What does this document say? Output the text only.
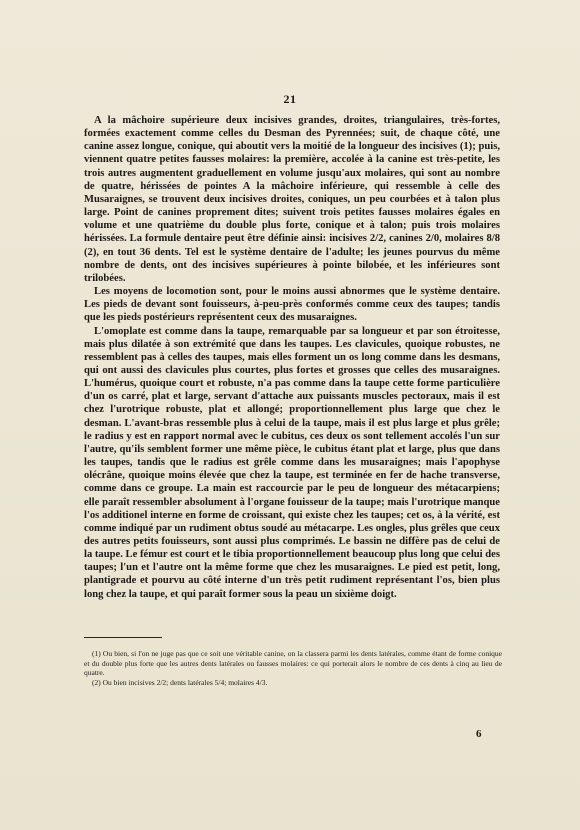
21

A la mâchoire supérieure deux incisives grandes, droites, triangulaires, très-fortes, formées exactement comme celles du Desman des Pyrennées; suit, de chaque côté, une canine assez longue, conique, qui aboutit vers la moitié de la longueur des incisives (1); puis, viennent quatre petites fausses molaires: la première, accolée à la canine est très-petite, les trois autres augmentent graduellement en volume jusqu'aux molaires, qui sont au nombre de quatre, hérissées de pointes A la mâchoire inférieure, qui ressemble à celle des Musaraignes, se trouvent deux incisives droites, coniques, un peu courbées et à talon plus large. Point de canines proprement dites; suivent trois petites fausses molaires égales en volume et une quatrième du double plus forte, conique et à talon; puis trois molaires hérissées. La formule dentaire peut être définie ainsi: incisives 2/2, canines 2/0, molaires 8/8 (2), en tout 36 dents. Tel est le système dentaire de l'adulte; les jeunes pourvus du même nombre de dents, ont des incisives supérieures à pointe bilobée, et les inférieures sont trilobées.

Les moyens de locomotion sont, pour le moins aussi abnormes que le système dentaire. Les pieds de devant sont fouisseurs, à-peu-près conformés comme ceux des taupes; tandis que les pieds postérieurs représentent ceux des musaraignes.

L'omoplate est comme dans la taupe, remarquable par sa longueur et par son étroitesse, mais plus dilatée à son extrémité que dans les taupes. Les clavicules, quoique robustes, ne ressemblent pas à celles des taupes, mais elles forment un os long comme dans les desmans, qui ont aussi des clavicules plus courtes, plus fortes et grosses que celles des musaraignes. L'humérus, quoique court et robuste, n'a pas comme dans la taupe cette forme particulière d'un os carré, plat et large, servant d'attache aux puissants muscles pectoraux, mais il est chez l'urotrique robuste, plat et allongé; proportionnellement plus large que chez le desman. L'avant-bras ressemble plus à celui de la taupe, mais il est plus large et plus grêle; le radius y est en rapport normal avec le cubitus, ces deux os sont tellement accolés l'un sur l'autre, qu'ils semblent former une même pièce, le cubitus étant plat et large, plus que dans les taupes, tandis que le radius est grêle comme dans les musaraignes; mais l'apophyse olécrâne, quoique moins élevée que chez la taupe, est terminée en fer de hache transverse, comme dans ce groupe. La main est raccourcie par le peu de longueur des métacarpiens; elle paraît ressembler absolument à l'organe fouisseur de la taupe; mais l'urotrique manque l'os additionel interne en forme de croissant, qui existe chez les taupes; cet os, à la vérité, est comme indiqué par un rudiment obtus soudé au métacarpe. Les ongles, plus grêles que ceux des autres petits fouisseurs, sont aussi plus comprimés. Le bassin ne diffère pas de celui de la taupe. Le fémur est court et le tibia proportionnellement beaucoup plus long que celui des taupes; l'un et l'autre ont la même forme que chez les musaraignes. Le pied est petit, long, plantigrade et pourvu au côté interne d'un très petit rudiment représentant l'os, bien plus long chez la taupe, et qui paraît former sous la peau un sixième doigt.

(1) Ou bien, si l'on ne juge pas que ce soit une véritable canine, on la classera parmi les dents latérales, comme étant de forme conique et du double plus forte que les autres dents latérales ou fausses molaires: ce qui porterait alors le nombre de ces dents à cinq au lieu de quatre.

(2) Ou bien incisives 2/2; dents latérales 5/4; molaires 4/3.

6
